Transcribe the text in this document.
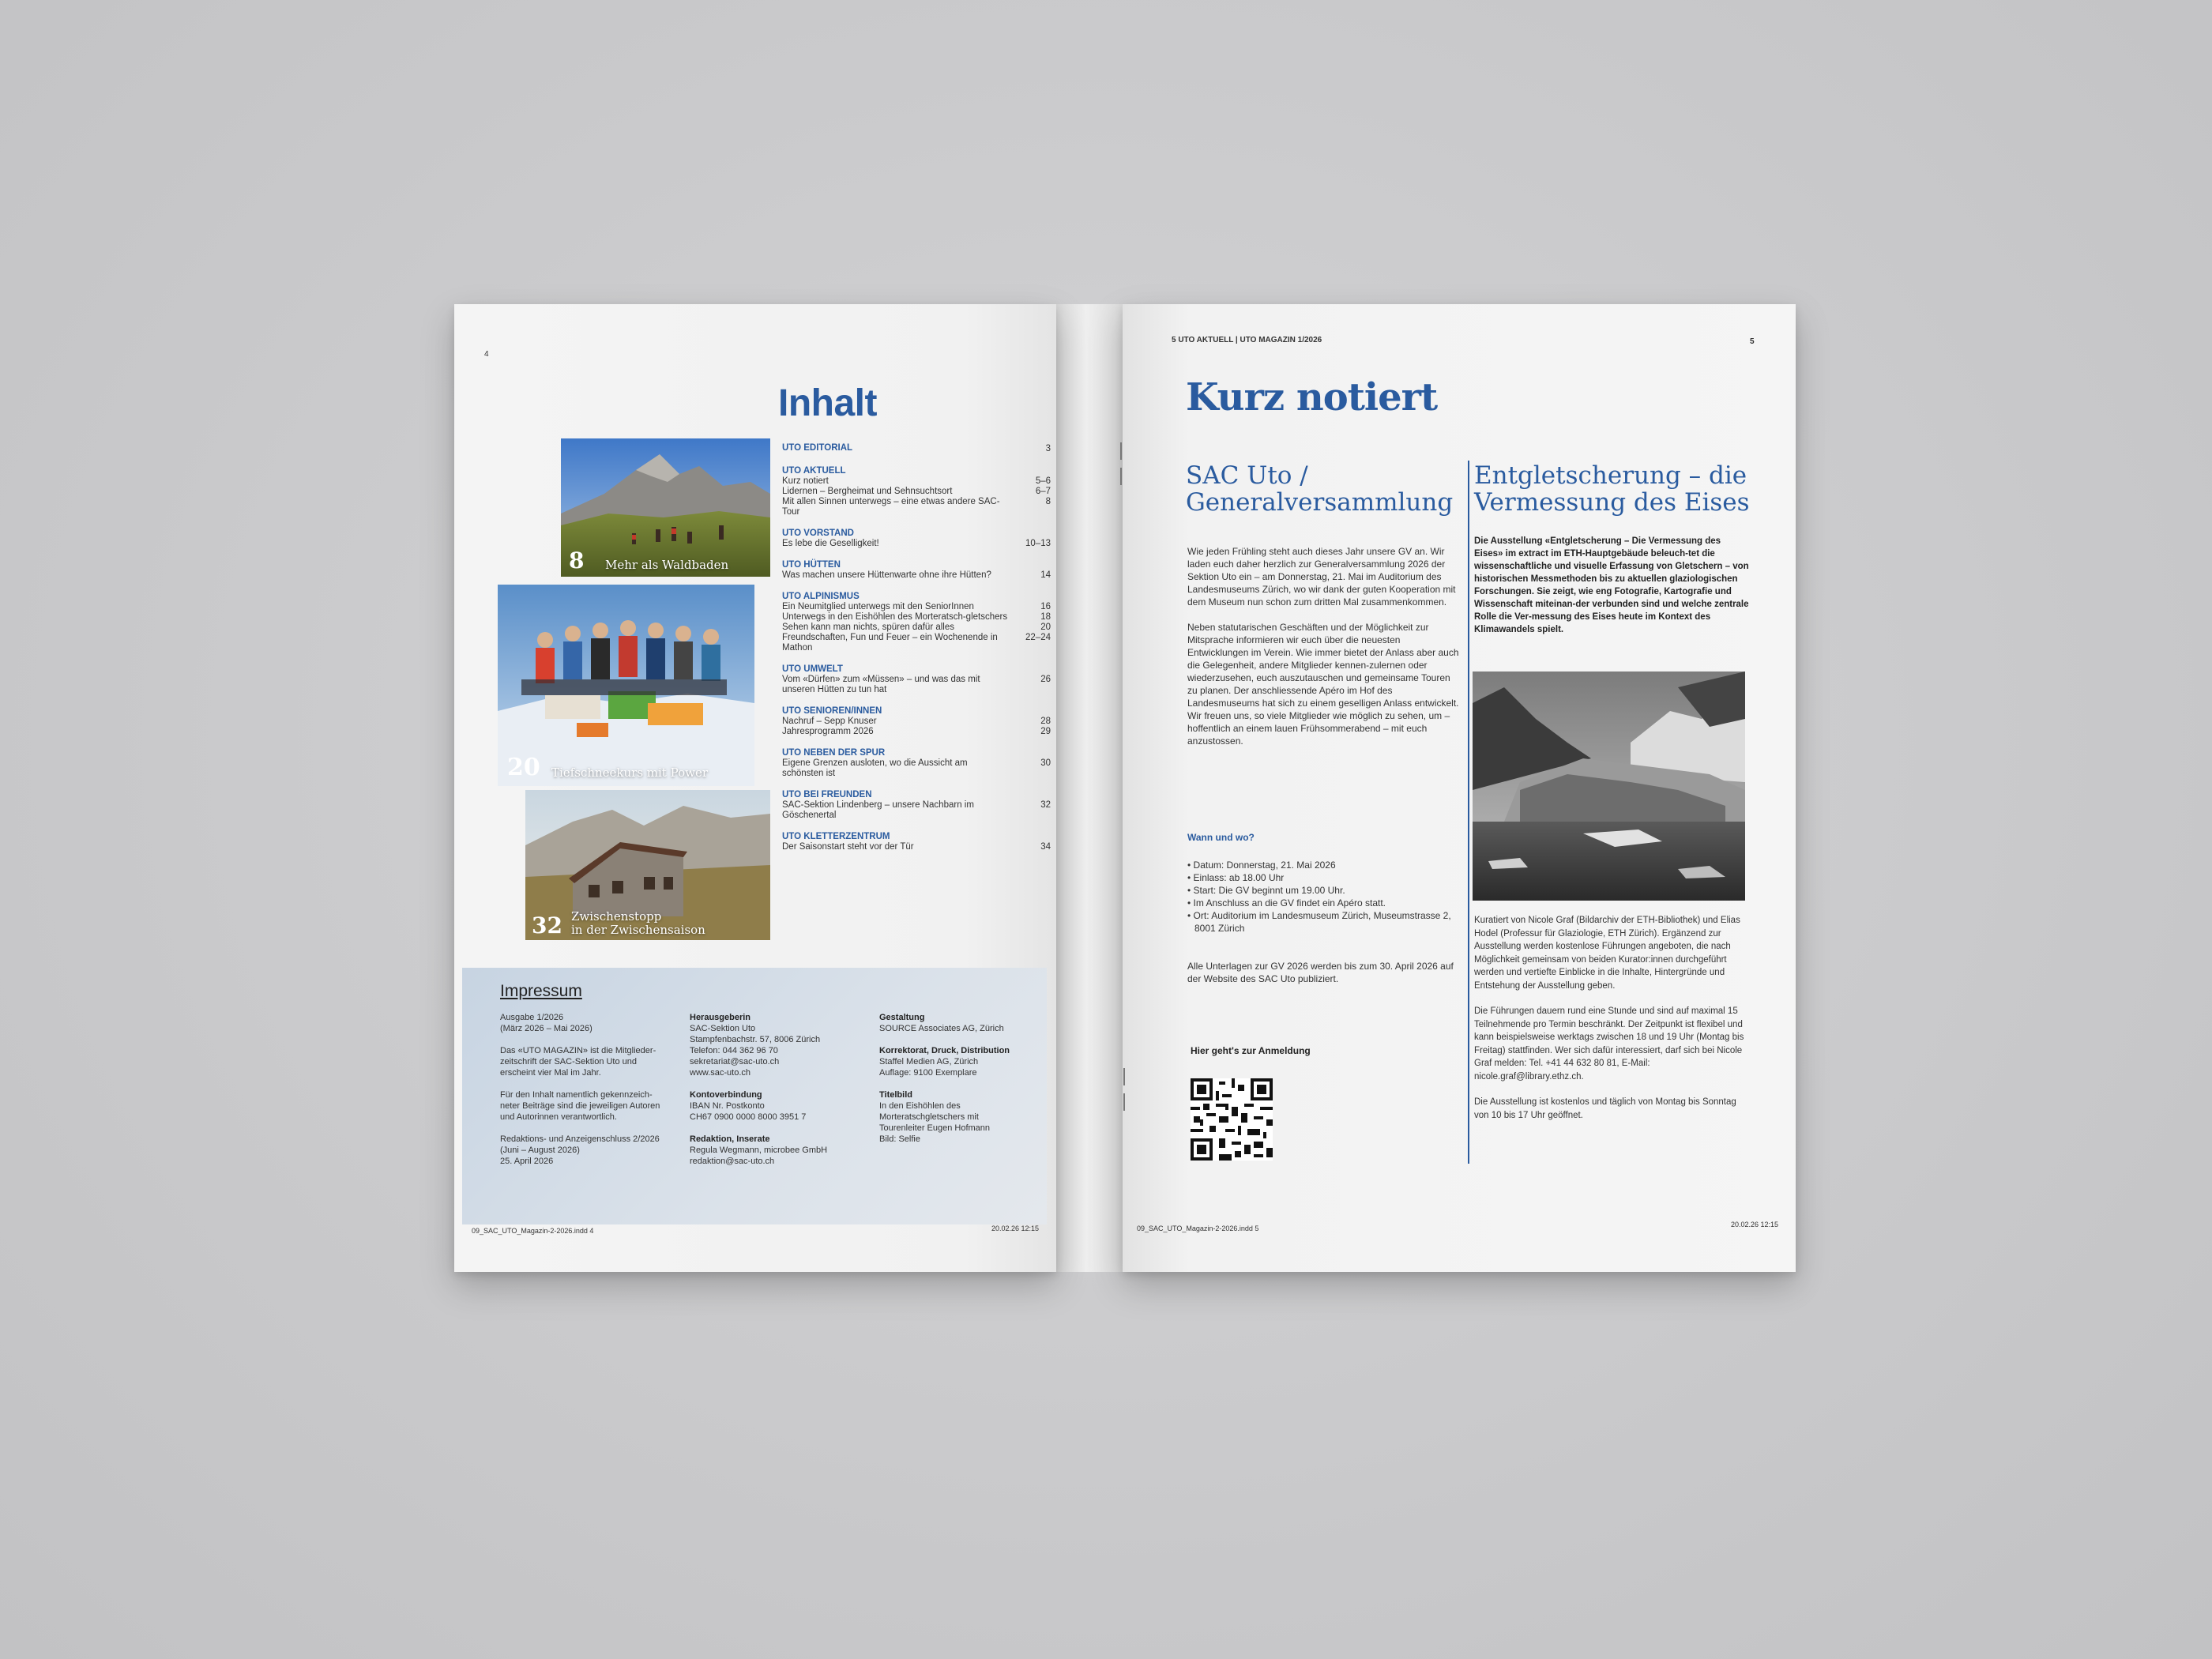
4
Inhalt
8 Mehr als Waldbaden
20 Tiefschneekurs mit Power
32 Zwischenstopp
in der Zwischensaison
UTO EDITORIAL	3
UTO AKTUELL
Kurz notiert	5–6
Lidernen – Bergheimat und Sehnsuchtsort	6–7
Mit allen Sinnen unterwegs – eine etwas andere SAC-Tour
8
UTO VORSTAND
Es lebe die Geselligkeit!	10–13
UTO HÜTTEN
Was machen unsere Hüttenwarte ohne ihre Hütten?	14
UTO ALPINISMUS
Ein Neumitglied unterwegs mit den SeniorInnen	16
Unterwegs in den Eishöhlen des Morteratsch-gletschers	18
Sehen kann man nichts, spüren dafür alles	20
Freundschaften, Fun und Feuer – ein Wochenende in Mathon
22–24
UTO UMWELT
Vom «Dürfen» zum «Müssen» – und was das mit unseren Hütten zu tun hat
26
UTO SENIOREN/INNEN
Nachruf – Sepp Knuser	28
Jahresprogramm 2026	29
UTO NEBEN DER SPUR
Eigene Grenzen ausloten, wo die Aussicht am schönsten ist
30
UTO BEI FREUNDEN
SAC-Sektion Lindenberg – unsere Nachbarn im Göschenertal
32
UTO KLETTERZENTRUM
Der Saisonstart steht vor der Tür	34
Impressum

Ausgabe 1/2026
(März 2026 – Mai 2026)

Das «UTO MAGAZIN» ist die Mitglieder-zeitschrift der SAC-Sektion Uto und erscheint vier Mal im Jahr.

Für den Inhalt namentlich gekennzeich-neter Beiträge sind die jeweiligen Autoren und Autorinnen verantwortlich.

Redaktions- und Anzeigenschluss 2/2026
(Juni – August 2026)
25. April 2026

Herausgeberin

SAC-Sektion Uto
Stampfenbachstr. 57, 8006 Zürich
Telefon: 044 362 96 70
sekretariat@sac-uto.ch
www.sac-uto.ch

Kontoverbindung

IBAN Nr. Postkonto
CH67 0900 0000 8000 3951 7

Redaktion, Inserate

Regula Wegmann, microbee GmbH
redaktion@sac-uto.ch

Gestaltung

SOURCE Associates AG, Zürich

Korrektorat, Druck, Distribution

Staffel Medien AG, Zürich
Auflage: 9100 Exemplare

Titelbild

In den Eishöhlen des
Morteratschgletschers mit
Tourenleiter Eugen Hofmann
Bild: Selfie

09_SAC_UTO_Magazin-2-2026.indd 4	20.02.26 12:15
5 UTO AKTUELL | UTO MAGAZIN 1/2026	5
Kurz notiert
SAC Uto /
Generalversammlung

Wie jeden Frühling steht auch dieses Jahr unsere GV an. Wir laden euch daher herzlich zur Generalversammlung 2026 der Sektion Uto ein – am Donnerstag, 21. Mai im Auditorium des Landesmuseums Zürich, wo wir dank der guten Kooperation mit dem Museum nun schon zum dritten Mal zusammenkommen.

Neben statutarischen Geschäften und der Möglichkeit zur Mitsprache informieren wir euch über die neuesten Entwicklungen im Verein. Wie immer bietet der Anlass aber auch die Gelegenheit, andere Mitglieder kennen-zulernen oder wiederzusehen, euch auszutauschen und gemeinsame Touren zu planen. Der anschliessende Apéro im Hof des Landesmuseums hat sich zu einem geselligen Anlass entwickelt. Wir freuen uns, so viele Mitglieder wie möglich zu sehen, um – hoffentlich an einem lauen Frühsommerabend – mit euch anzustossen.

Wann und wo?
• Datum: Donnerstag, 21. Mai 2026
• Einlass: ab 18.00 Uhr
• Start: Die GV beginnt um 19.00 Uhr.
• Im Anschluss an die GV findet ein Apéro statt.
• Ort: Auditorium im Landesmuseum Zürich, Museumstrasse 2, 8001 Zürich
Alle Unterlagen zur GV 2026 werden bis zum 30. April 2026 auf der Website des SAC Uto publiziert.
Hier geht's zur Anmeldung
Entgletscherung – die Vermessung des Eises
Die Ausstellung «Entgletscherung – Die Vermessung des Eises» im extract im ETH-Hauptgebäude beleuch-tet die wissenschaftliche und visuelle Erfassung von Gletschern – von historischen Messmethoden bis zu aktuellen glaziologischen Forschungen. Sie zeigt, wie eng Fotografie, Kartografie und Wissenschaft miteinan-der verbunden sind und welche zentrale Rolle die Ver-messung des Eises heute im Kontext des Klimawandels spielt.

Kuratiert von Nicole Graf (Bildarchiv der ETH-Bibliothek) und Elias Hodel (Professur für Glaziologie, ETH Zürich). Ergänzend zur Ausstellung werden kostenlose Führungen angeboten, die nach Möglichkeit gemeinsam von beiden Kurator:innen durchgeführt werden und vertiefte Einblicke in die Inhalte, Hintergründe und Entstehung der Ausstellung geben.

Die Führungen dauern rund eine Stunde und sind auf maximal 15 Teilnehmende pro Termin beschränkt. Der Zeitpunkt ist flexibel und kann beispielsweise werktags zwischen 18 und 19 Uhr (Montag bis Freitag) stattfinden. Wer sich dafür interessiert, darf sich bei Nicole Graf melden: Tel. +41 44 632 80 81, E-Mail: nicole.graf@library.ethz.ch.

Die Ausstellung ist kostenlos und täglich von Montag bis Sonntag von 10 bis 17 Uhr geöffnet.

09_SAC_UTO_Magazin-2-2026.indd 5	20.02.26 12:15
